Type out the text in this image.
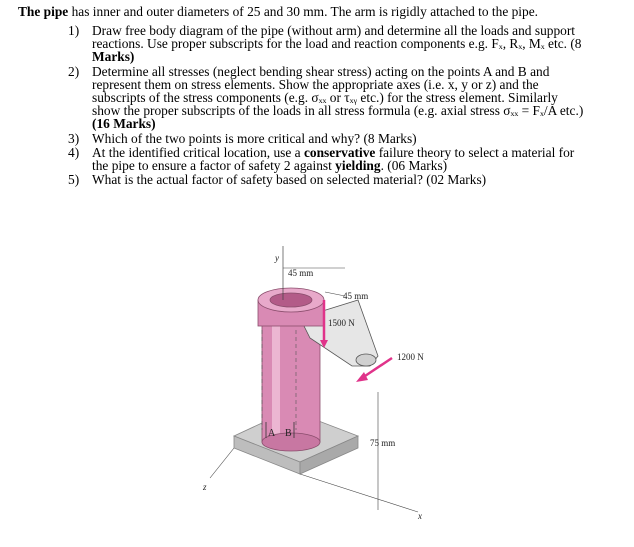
The pipe has inner and outer diameters of 25 and 30 mm. The arm is rigidly attached to the pipe.
1) Draw free body diagram of the pipe (without arm) and determine all the loads and support
reactions. Use proper subscripts for the load and reaction components e.g. Fₓ, Rₓ, Mₓ etc. (8
Marks)
2) Determine all stresses (neglect bending shear stress) acting on the points A and B and
represent them on stress elements. Show the appropriate axes (i.e. x, y or z) and the
subscripts of the stress components (e.g. σₓₓ or τₓᵧ etc.) for the stress element. Similarly
show the proper subscripts of the loads in all stress formula (e.g. axial stress σₓₓ = Fₓ/A etc.)
(16 Marks)
3) Which of the two points is more critical and why? (8 Marks)
4) At the identified critical location, use a conservative failure theory to select a material for
the pipe to ensure a factor of safety 2 against yielding. (06 Marks)
5) What is the actual factor of safety based on selected material? (02 Marks)
y
45 mm
45 mm
1500 N
1200 N
75 mm
x
z
A B
